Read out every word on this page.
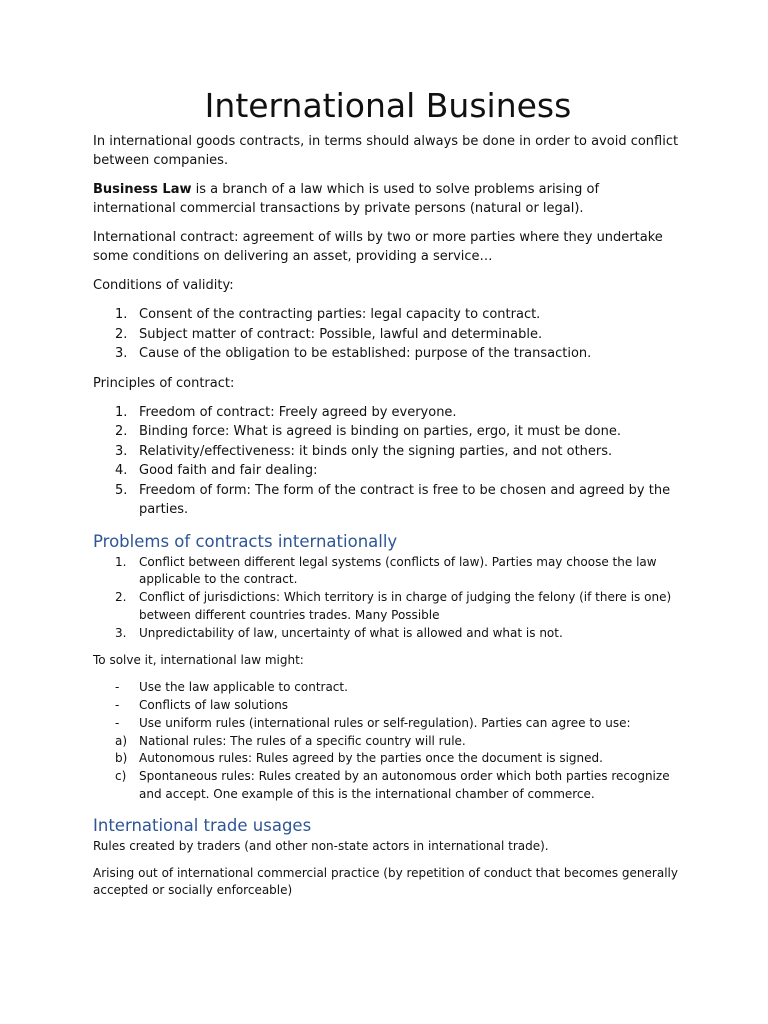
International Business

In international goods contracts, in terms should always be done in order to avoid conflict between companies.

Business Law is a branch of a law which is used to solve problems arising of international commercial transactions by private persons (natural or legal).

International contract: agreement of wills by two or more parties where they undertake some conditions on delivering an asset, providing a service…

Conditions of validity:

1. Consent of the contracting parties: legal capacity to contract.
2. Subject matter of contract: Possible, lawful and determinable.
3. Cause of the obligation to be established: purpose of the transaction.

Principles of contract:

1. Freedom of contract: Freely agreed by everyone.
2. Binding force: What is agreed is binding on parties, ergo, it must be done.
3. Relativity/effectiveness: it binds only the signing parties, and not others.
4. Good faith and fair dealing:
5. Freedom of form: The form of the contract is free to be chosen and agreed by the parties.
Problems of contracts internationally
1. Conflict between different legal systems (conflicts of law). Parties may choose the law applicable to the contract.
2. Conflict of jurisdictions: Which territory is in charge of judging the felony (if there is one) between different countries trades. Many Possible
3. Unpredictability of law, uncertainty of what is allowed and what is not.

To solve it, international law might:

- Use the law applicable to contract.
- Conflicts of law solutions
- Use uniform rules (international rules or self-regulation). Parties can agree to use:
a) National rules: The rules of a specific country will rule.
b) Autonomous rules: Rules agreed by the parties once the document is signed.
c) Spontaneous rules: Rules created by an autonomous order which both parties recognize and accept. One example of this is the international chamber of commerce.
International trade usages

Rules created by traders (and other non-state actors in international trade).

Arising out of international commercial practice (by repetition of conduct that becomes generally accepted or socially enforceable)
